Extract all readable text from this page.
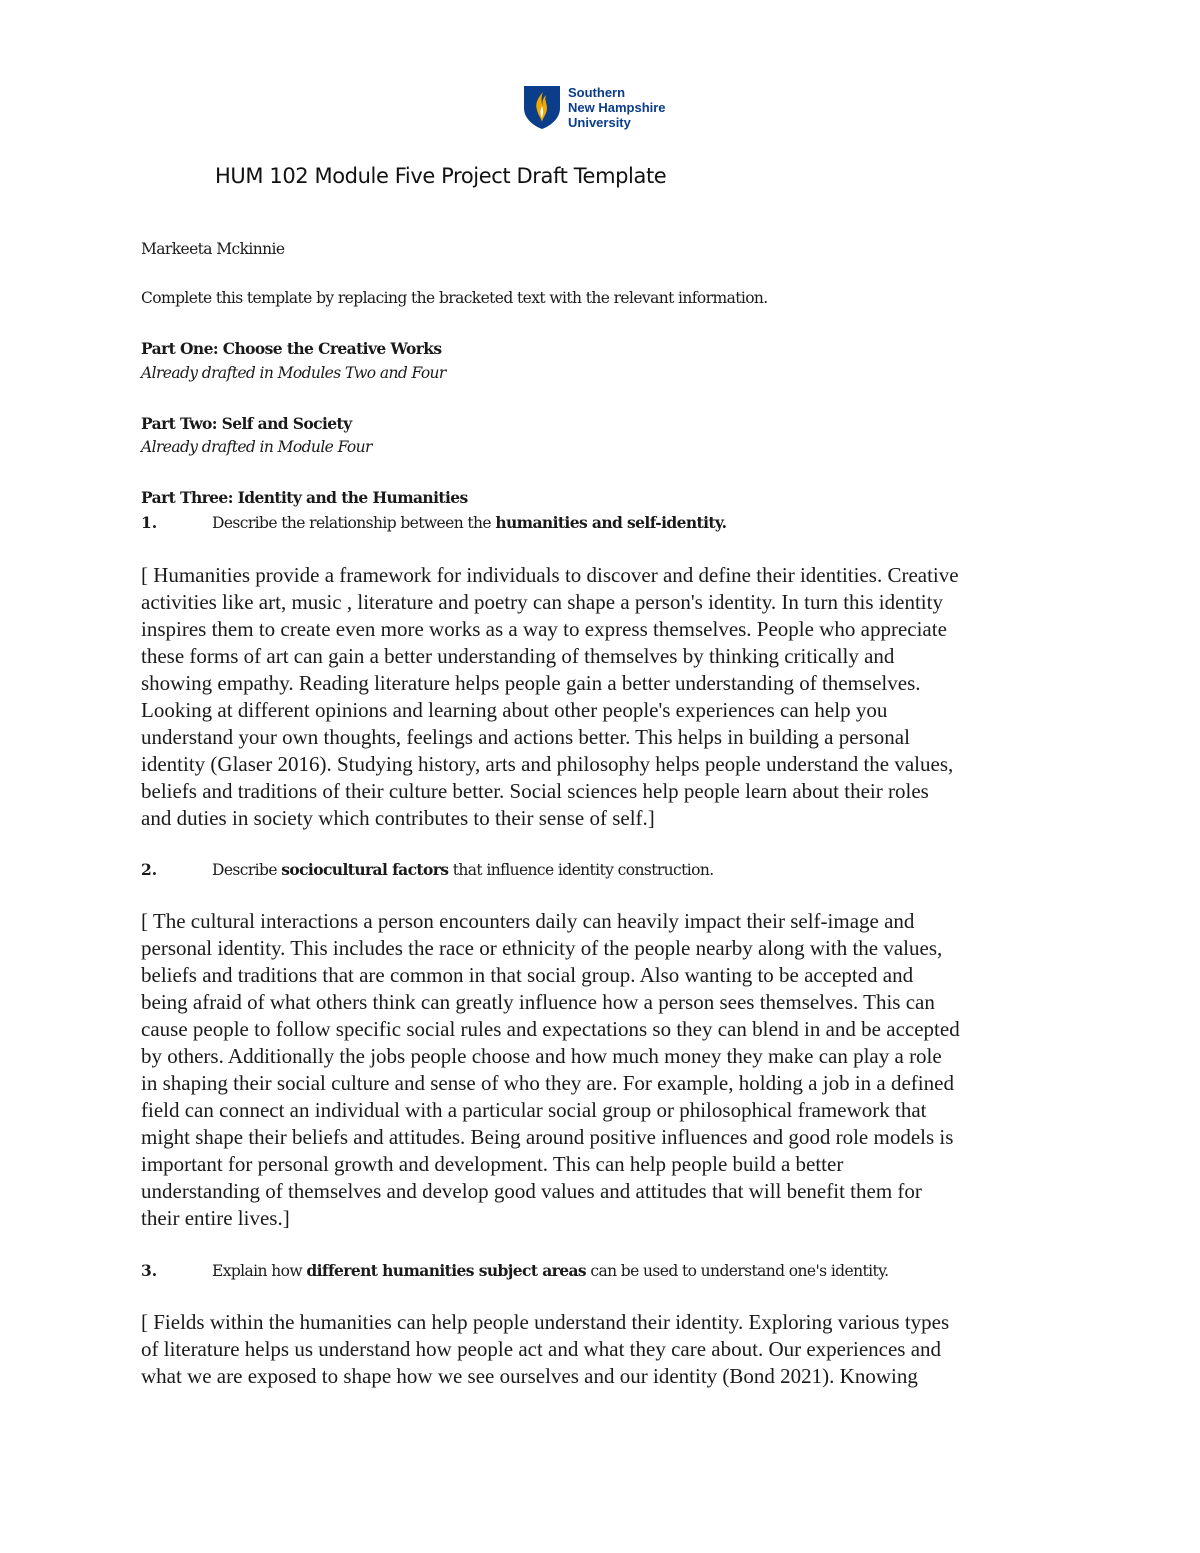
Southern
New Hampshire
University
HUM 102 Module Five Project Draft Template
Markeeta Mckinnie
Complete this template by replacing the bracketed text with the relevant information.
Part One: Choose the Creative Works
Already drafted in Modules Two and Four
Part Two: Self and Society
Already drafted in Module Four
Part Three: Identity and the Humanities
1.	Describe the relationship between the humanities and self-identity.
[ Humanities provide a framework for individuals to discover and define their identities. Creative
activities like art, music , literature and poetry can shape a person's identity. In turn this identity
inspires them to create even more works as a way to express themselves. People who appreciate
these forms of art can gain a better understanding of themselves by thinking critically and
showing empathy. Reading literature helps people gain a better understanding of themselves.
Looking at different opinions and learning about other people's experiences can help you
understand your own thoughts, feelings and actions better. This helps in building a personal
identity (Glaser 2016). Studying history, arts and philosophy helps people understand the values,
beliefs and traditions of their culture better. Social sciences help people learn about their roles
and duties in society which contributes to their sense of self.]
2.	Describe sociocultural factors that influence identity construction.
[ The cultural interactions a person encounters daily can heavily impact their self-image and
personal identity. This includes the race or ethnicity of the people nearby along with the values,
beliefs and traditions that are common in that social group. Also wanting to be accepted and
being afraid of what others think can greatly influence how a person sees themselves. This can
cause people to follow specific social rules and expectations so they can blend in and be accepted
by others. Additionally the jobs people choose and how much money they make can play a role
in shaping their social culture and sense of who they are. For example, holding a job in a defined
field can connect an individual with a particular social group or philosophical framework that
might shape their beliefs and attitudes. Being around positive influences and good role models is
important for personal growth and development. This can help people build a better
understanding of themselves and develop good values and attitudes that will benefit them for
their entire lives.]
3.	Explain how different humanities subject areas can be used to understand one's identity.
[ Fields within the humanities can help people understand their identity. Exploring various types
of literature helps us understand how people act and what they care about. Our experiences and
what we are exposed to shape how we see ourselves and our identity (Bond 2021). Knowing
